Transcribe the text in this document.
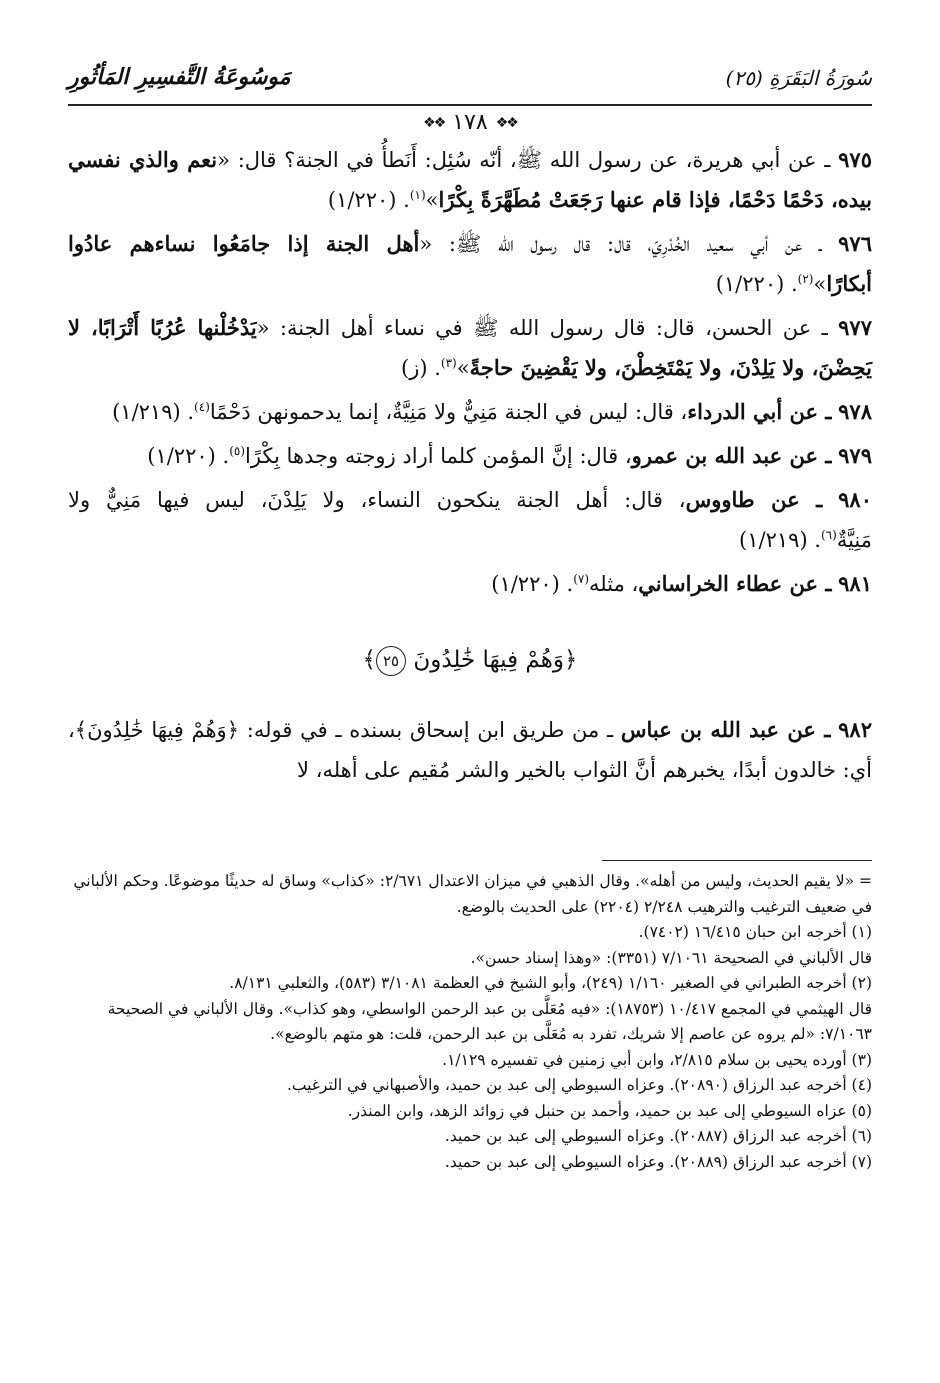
سُورَةُ البَقَرَةِ (٢٥)
مَوسُوعَةُ التَّفسِيرِ المَأثُورِ
❖❖
١٧٨
❖❖

٩٧٥ ـ عن أبي هريرة، عن رسول الله ﷺ، أنّه سُئِل: أَنَطأُ في الجنة؟ قال: «نعم والذي نفسي بيده، دَحْمًا دَحْمًا، فإذا قام عنها رَجَعَتْ مُطَهَّرَةً بِكْرًا»$^{(١)}$. (١/٢٢٠)

٩٧٦ ـ عن أبي سعيد الخُدْرِيّ، قال: قال رسول الله ﷺ: «أهل الجنة إذا جامَعُوا نساءهم عادُوا أبكارًا»$^{(٢)}$. (١/٢٢٠)

٩٧٧ ـ عن الحسن، قال: قال رسول الله ﷺ في نساء أهل الجنة: «يَدْخُلْنها عُرُبًا أَتْرَابًا، لا يَحِضْنَ، ولا يَلِدْنَ، ولا يَمْتَخِطْنَ، ولا يَقْضِينَ حاجةً»$^{(٣)}$. (ز)

٩٧٨ ـ عن أبي الدرداء، قال: ليس في الجنة مَنِيٌّ ولا مَنِيَّةٌ، إنما يدحمونهن دَحْمًا$^{(٤)}$. (١/٢١٩)

٩٧٩ ـ عن عبد الله بن عمرو، قال: إنَّ المؤمن كلما أراد زوجته وجدها بِكْرًا$^{(٥)}$. (١/٢٢٠)

٩٨٠ ـ عن طاووس، قال: أهل الجنة ينكحون النساء، ولا يَلِدْنَ، ليس فيها مَنِيٌّ ولا مَنِيَّةٌ$^{(٦)}$. (١/٢١٩)

٩٨١ ـ عن عطاء الخراساني، مثله$^{(٧)}$. (١/٢٢٠)

﴿وَهُمْ فِيهَا خَٰلِدُونَ ٢٥﴾

٩٨٢ ـ عن عبد الله بن عباس ـ من طريق ابن إسحاق بسنده ـ في قوله: ﴿وَهُمْ فِيهَا خَٰلِدُونَ﴾، أي: خالدون أبدًا، يخبرهم أنَّ الثواب بالخير والشر مُقيم على أهله، لا

= «لا يقيم الحديث، وليس من أهله». وقال الذهبي في ميزان الاعتدال ٢/٦٧١: «كذاب» وساق له حديثًا موضوعًا. وحكم الألباني في ضعيف الترغيب والترهيب ٢/٢٤٨ (٢٢٠٤) على الحديث بالوضع.

(١) أخرجه ابن حبان ١٦/٤١٥ (٧٤٠٢).

قال الألباني في الصحيحة ٧/١٠٦١ (٣٣٥١): «وهذا إسناد حسن».

(٢) أخرجه الطبراني في الصغير ١/١٦٠ (٢٤٩)، وأبو الشيخ في العظمة ٣/١٠٨١ (٥٨٣)، والثعلبي ٨/١٣١.

قال الهيثمي في المجمع ١٠/٤١٧ (١٨٧٥٣): «فيه مُعَلَّى بن عبد الرحمن الواسطي، وهو كذاب». وقال الألباني في الصحيحة ٧/١٠٦٣: «لم يروه عن عاصم إلا شريك، تفرد به مُعَلَّى بن عبد الرحمن، قلت: هو متهم بالوضع».

(٣) أورده يحيى بن سلام ٢/٨١٥، وابن أبي زمنين في تفسيره ١/١٢٩.

(٤) أخرجه عبد الرزاق (٢٠٨٩٠). وعزاه السيوطي إلى عبد بن حميد، والأصبهاني في الترغيب.

(٥) عزاه السيوطي إلى عبد بن حميد، وأحمد بن حنبل في زوائد الزهد، وابن المنذر.

(٦) أخرجه عبد الرزاق (٢٠٨٨٧). وعزاه السيوطي إلى عبد بن حميد.

(٧) أخرجه عبد الرزاق (٢٠٨٨٩). وعزاه السيوطي إلى عبد بن حميد.
